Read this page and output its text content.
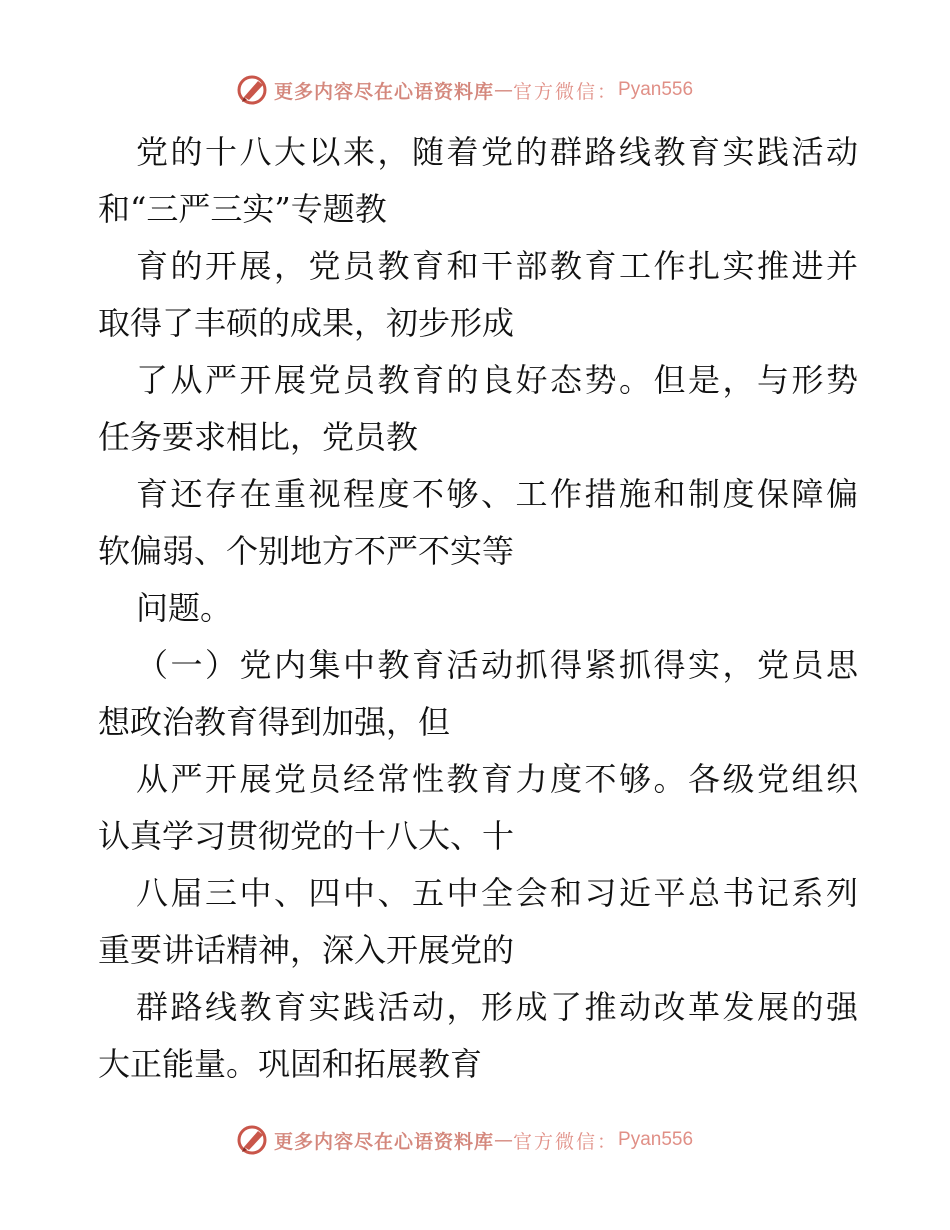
更多内容尽在心语资料库 — 官方微信： Pyan556
党的十八大以来，随着党的群路线教育实践活动
和“三严三实”专题教
育的开展，党员教育和干部教育工作扎实推进并
取得了丰硕的成果，初步形成
了从严开展党员教育的良好态势。但是，与形势
任务要求相比，党员教
育还存在重视程度不够、工作措施和制度保障偏
软偏弱、个别地方不严不实等
问题。
（一）党内集中教育活动抓得紧抓得实，党员思
想政治教育得到加强，但
从严开展党员经常性教育力度不够。各级党组织
认真学习贯彻党的十八大、十
八届三中、四中、五中全会和习近平总书记系列
重要讲话精神，深入开展党的
群路线教育实践活动，形成了推动改革发展的强
大正能量。巩固和拓展教育
更多内容尽在心语资料库 — 官方微信： Pyan556
